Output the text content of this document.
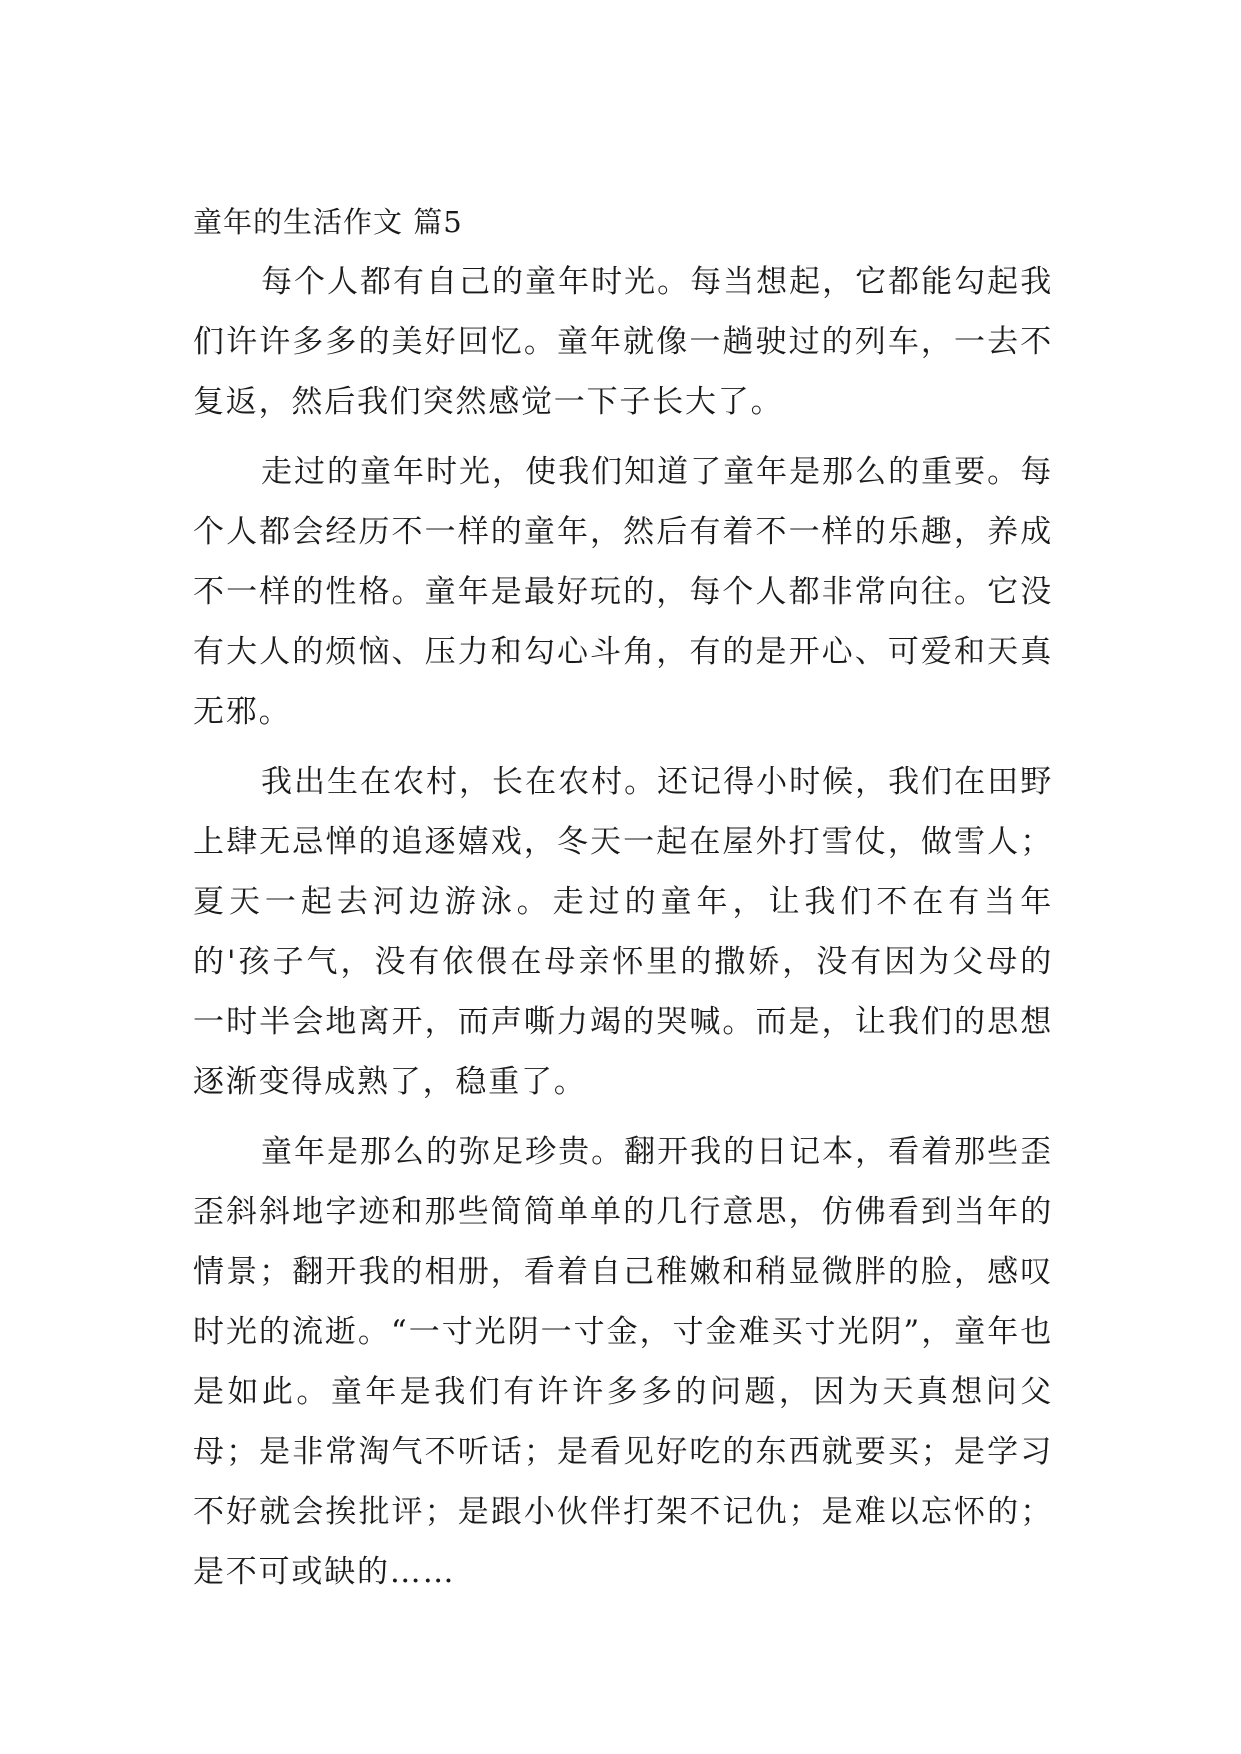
童年的生活作文 篇5

每个人都有自己的童年时光。每当想起，它都能勾起我们许许多多的美好回忆。童年就像一趟驶过的列车，一去不复返，然后我们突然感觉一下子长大了。

走过的童年时光，使我们知道了童年是那么的重要。每个人都会经历不一样的童年，然后有着不一样的乐趣，养成不一样的性格。童年是最好玩的，每个人都非常向往。它没有大人的烦恼、压力和勾心斗角，有的是开心、可爱和天真无邪。

我出生在农村，长在农村。还记得小时候，我们在田野上肆无忌惮的追逐嬉戏，冬天一起在屋外打雪仗，做雪人；夏天一起去河边游泳。走过的童年，让我们不在有当年的'孩子气，没有依偎在母亲怀里的撒娇，没有因为父母的一时半会地离开，而声嘶力竭的哭喊。而是，让我们的思想逐渐变得成熟了，稳重了。

童年是那么的弥足珍贵。翻开我的日记本，看着那些歪歪斜斜地字迹和那些简简单单的几行意思，仿佛看到当年的情景；翻开我的相册，看着自己稚嫩和稍显微胖的脸，感叹时光的流逝。“一寸光阴一寸金，寸金难买寸光阴”，童年也是如此。童年是我们有许许多多的问题，因为天真想问父母；是非常淘气不听话；是看见好吃的东西就要买；是学习不好就会挨批评；是跟小伙伴打架不记仇；是难以忘怀的；是不可或缺的……
